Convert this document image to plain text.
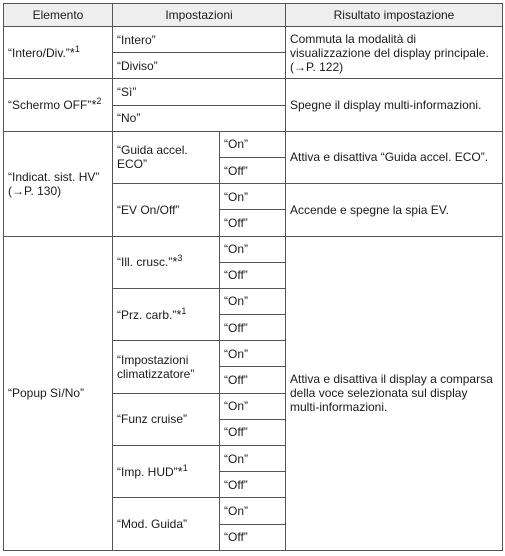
Elemento	Impostazioni		Risultato impostazione
“Intero/Div.”*$^1$	“Intero”		Commuta la modalità di visualizzazione del display principale. (→P. 122)
	“Diviso”		
“Schermo OFF”*$^2$	“Sì”		Spegne il display multi-informazioni.
	“No”		
“Indicat. sist. HV” (→P. 130)	“Guida accel. ECO”	“On”	Attiva e disattiva “Guida accel. ECO”.
		“Off”	
	“EV On/Off”	“On”	Accende e spegne la spia EV.
		“Off”	
“Popup Sì/No”	“Ill. crusc.”*$^3$	“On”	Attiva e disattiva il display a comparsa della voce selezionata sul display multi-informazioni.
		“Off”	
	“Prz. carb.”*$^1$	“On”	
		“Off”	
	“Impostazioni climatizzatore”	“On”	
		“Off”	
	“Funz cruise”	“On”	
		“Off”	
	“Imp. HUD”*$^1$	“On”	
		“Off”	
	“Mod. Guida”	“On”	
		“Off”	
